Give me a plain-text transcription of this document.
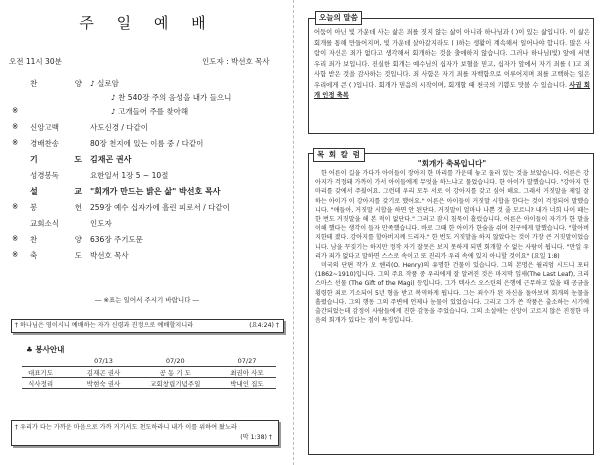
주 일 예 배
오전 11시 30분	인도자 : 박선호 목사
찬 양 ♪ 실로암
♪ 찬 540장 주의 음성을 내가 들으니
※	♪ 고개들어 주를 찾아해
※ 신앙고백	사도신경 / 다같이
※ 경배찬송	80장 천지에 있는 이름 중 / 다같이
기 도 김재곤 권사
성경봉독	요한일서 1장 5 ~ 10절
설 교 "회개가 만드는 밝은 삶" 박선호 목사
※ 봉 헌 259장 예수 십자가에 흘린 피로서 / 다같이
교회소식	인도자
※ 찬 양 636장 주기도문
※ 축 도 박선호 목사
― ※표는 일어서 주시기 바랍니다 ―
† 하나님은 영이시니 예배하는 자가 신령과 진정으로 예배할지니라	(요4:24) †
♣ 봉사안내
	07/13	07/20	07/27
대표기도	김재곤 권사	공 동 기 도	최권아 사모
식사정리	박현숙 권사	교회창립기념주일	박내인 집도
† 우리가 다는 가까운 마음으로 가까 거기서도 천도하라니 내가 이를 위하여 왔노라
(막 1:38) †
오늘의 말씀
어둠이 아닌 빛 가운데 사는 삶은 죄를 짓지 않는 삶이 아니라 하나님과 ( )이 있는 삶입니다. 이 삶은 회개를 통해 만들어지며, 빛 가운데 살아갈지라도 ( )하는 생활이 계속해서 일어나야 합니다. 많은 사람이 자신은 죄가 없다고 생각해서 회개하는 것을 출애하지 않습니다. 그러나 하나님(빛) 앞에 서면 우리 죄가 보입니다. 진실한 회개는 예수님의 십자가 보혈을 믿고, 십자가 앞에서 자기 죄를 ( )고 죄 사함 받은 것을 감사하는 것입니다. 죄 사함은 자기 죄를 자백함으로 이루어지며 죄를 고백하는 일은 우리에게 큰 ( )입니다. 회개가 믿음의 시작이며, 회개할 때 천국의 기쁨도 맛볼 수 있습니다. 사귐 회개 인정 축복
목 회 칼 럼
"회개가 축복입니다"

한 어른이 길을 가다가 아이들이 장아지 한 마리를 가운데 놓고 둘러 있는 것을 보았습니다. 어른은 강아지가 걱정돼 가까이 가서 아이들에게 무엇을 하느냐고 물었습니다. 한 아이가 말했습니다. "강아지 한 마리를 갖에서 주웠어요. 그런데 우리 모두 서로 이 강아지를 갖고 싶어 해요. 그래서 거짓말을 제일 잘하는 아이가 이 강아지를 갖기로 했어요." 어른은 아이들이 거짓말 시합을 한다는 것이 걱정되어 말했습니다. "얘들아, 거짓말 시합을 하면 안 된단다. 거짓말이 얼마나 나쁜 것 줄 모르니? 내가 너희 나이 때는 한 번도 거짓말을 해 본 적이 없단다." 그러고 잠시 침묵이 흘렀습니다. 어른은 아이들이 자기가 한 말을 이해 했다는 생각이 들자 만족했습니다. 바로 그때 한 아이가 한숨을 쉬며 친구에게 말했습니다. "할아버지한테 졌다. 강아지를 할아버지께 드리자." 한 번도 거짓말을 하지 않았다는 것이 가장 큰 거짓말이었습니다. 남을 꾸짖기는 하지만 정작 자기 잘못은 보지 못하게 되면 회개할 수 없는 사람이 됩니다. "만일 우리가 죄가 없다고 말하면 스스로 속이고 또 진리가 우리 속에 있지 아니할 것이요" (요일 1:8)

미국의 단편 작가 오 헨리(O. Henry)의 유명한 건물이 있습니다. 그의 본명은 윌리엄 시드니 포터(1862~1910)입니다. 그의 주요 작품 중 우리에게 잘 알려진 것은 마지막 잎새(The Last Leaf), 크리스마스 선물 (The Gift of the Magi) 등입니다. 그가 텍사스 오스틴의 은행에 근무하고 있을 때 공금을 횡령한 죄로 기소되어 5년 형을 받고 복역하게 됩니다. 그는 죄수가 된 자신을 돌아보며 회개의 눈물을 흘렸습니다. 그의 행동 그의 주변에 언제나 눈물이 있었습니다. 그리고 그가 쓴 작품은 출소하는 시기에 출간되었는데 감정이 사람들에게 진한 감동을 주었습니다. 그의 소설에는 신앙이 고르지 않은 진정한 마음의 회개가 있다는 점이 특징입니다.
